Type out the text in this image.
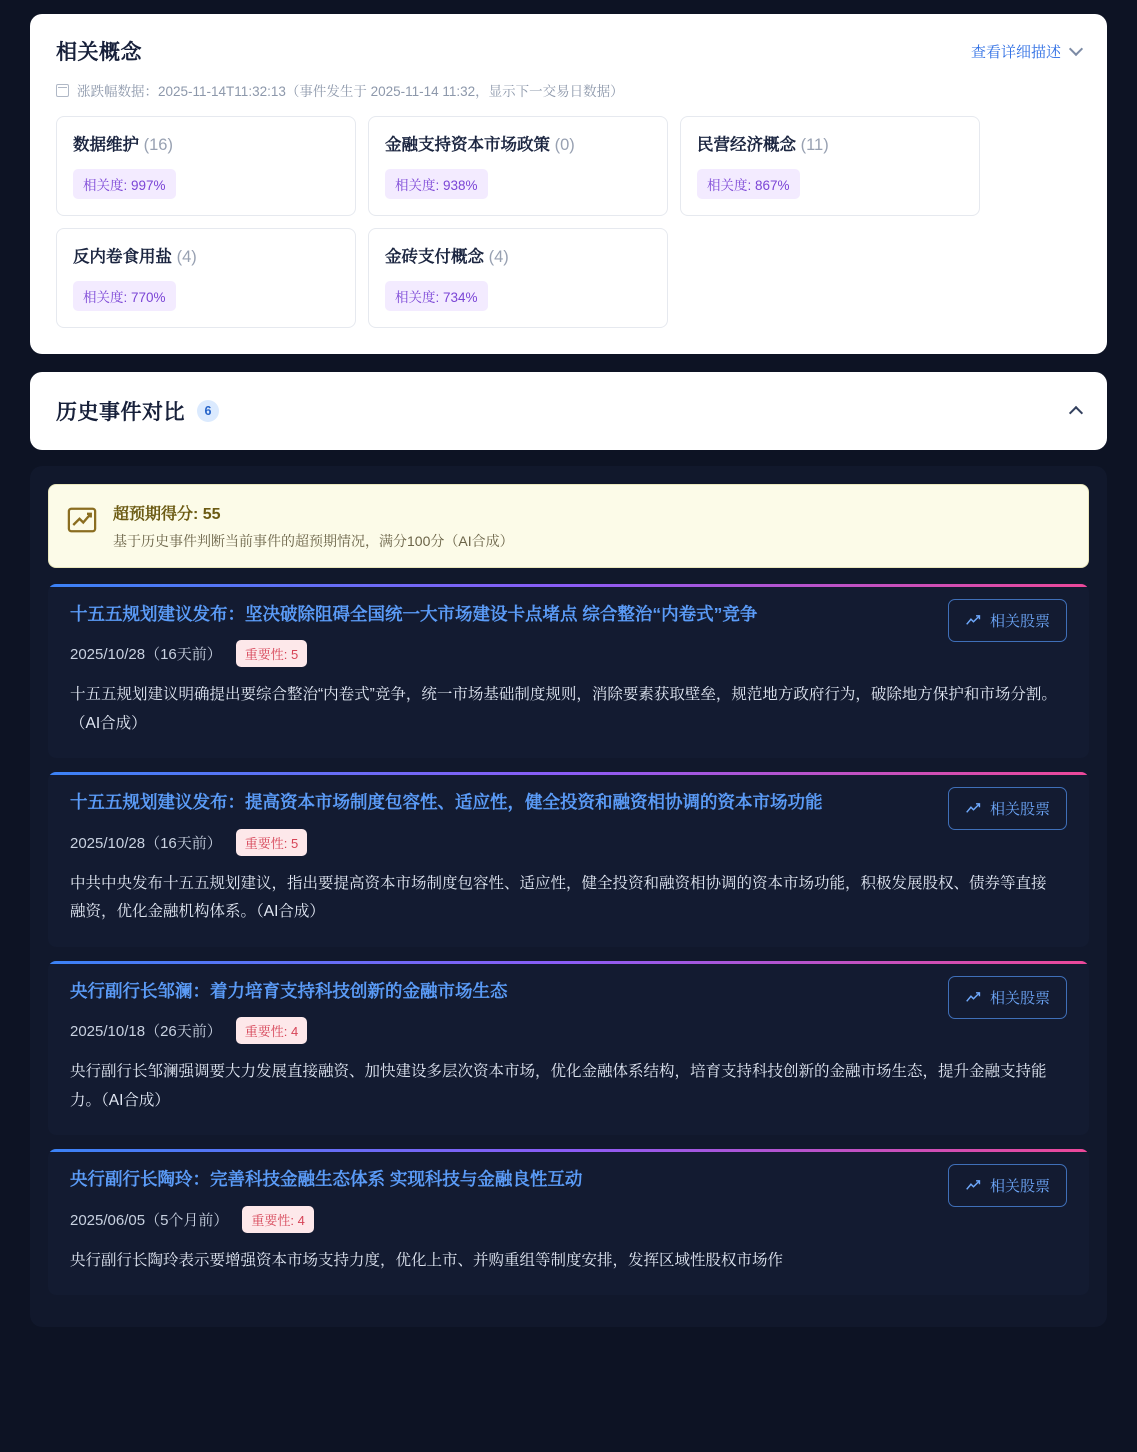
相关概念	查看详细描述
涨跌幅数据：2025-11-14T11:32:13（事件发生于 2025-11-14 11:32，显示下一交易日数据）
数据维护 (16)
相关度: 997%
金融支持资本市场政策 (0)
相关度: 938%
民营经济概念 (11)
相关度: 867%
反内卷食用盐 (4)
相关度: 770%
金砖支付概念 (4)
相关度: 734%
历史事件对比	6
超预期得分: 55
基于历史事件判断当前事件的超预期情况，满分100分（AI合成）
相关股票
十五五规划建议发布：坚决破除阻碍全国统一大市场建设卡点堵点 综合整治“内卷式”竞争
2025/10/28（16天前）	重要性: 5
十五五规划建议明确提出要综合整治“内卷式”竞争，统一市场基础制度规则，消除要素获取壁垒，规范地方政府行为，破除地方保护和市场分割。（AI合成）
相关股票
十五五规划建议发布：提高资本市场制度包容性、适应性，健全投资和融资相协调的资本市场功能
2025/10/28（16天前）	重要性: 5
中共中央发布十五五规划建议，指出要提高资本市场制度包容性、适应性，健全投资和融资相协调的资本市场功能，积极发展股权、债券等直接融资，优化金融机构体系。（AI合成）
相关股票
央行副行长邹澜：着力培育支持科技创新的金融市场生态
2025/10/18（26天前）	重要性: 4
央行副行长邹澜强调要大力发展直接融资、加快建设多层次资本市场，优化金融体系结构，培育支持科技创新的金融市场生态，提升金融支持能力。（AI合成）
相关股票
央行副行长陶玲：完善科技金融生态体系 实现科技与金融良性互动
2025/06/05（5个月前）	重要性: 4
央行副行长陶玲表示要增强资本市场支持力度，优化上市、并购重组等制度安排，发挥区域性股权市场作
